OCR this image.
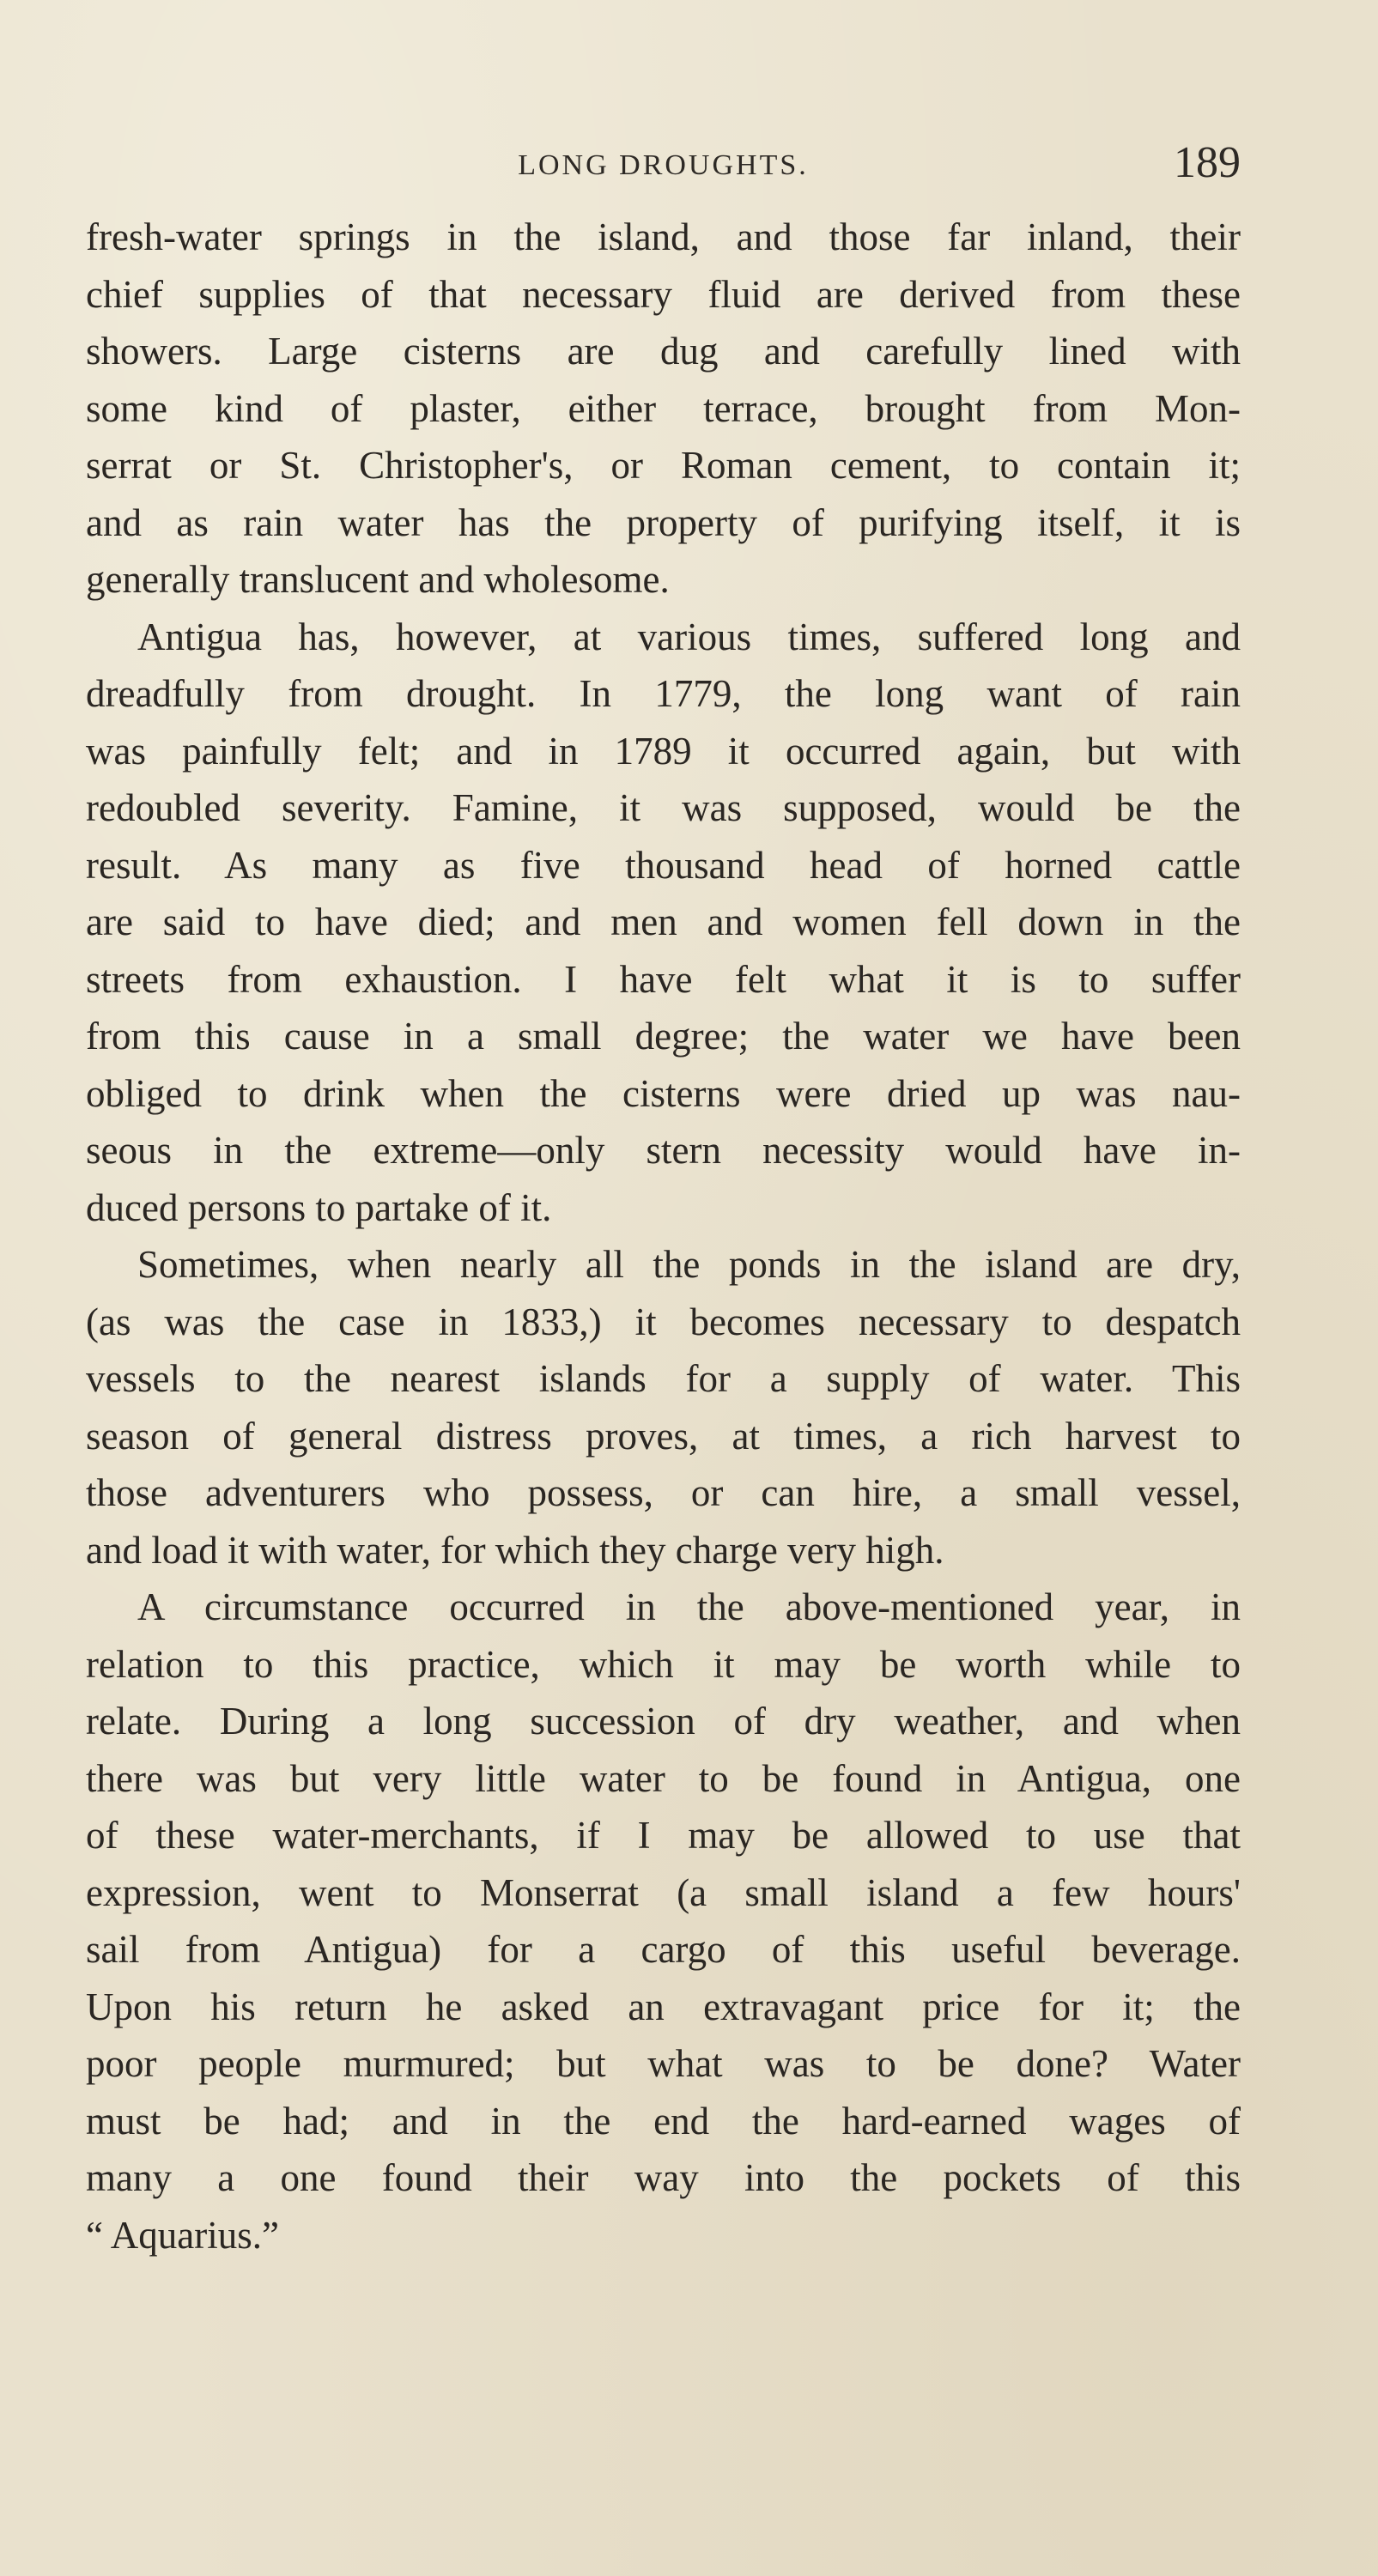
LONG DROUGHTS.	189
fresh-water springs in the island, and those far inland, their
chief supplies of that necessary fluid are derived from these
showers. Large cisterns are dug and carefully lined with
some kind of plaster, either terrace, brought from Mon-
serrat or St. Christopher's, or Roman cement, to contain it;
and as rain water has the property of purifying itself, it is
generally translucent and wholesome.
Antigua has, however, at various times, suffered long and
dreadfully from drought. In 1779, the long want of rain
was painfully felt; and in 1789 it occurred again, but with
redoubled severity. Famine, it was supposed, would be the
result. As many as five thousand head of horned cattle
are said to have died; and men and women fell down in the
streets from exhaustion. I have felt what it is to suffer
from this cause in a small degree; the water we have been
obliged to drink when the cisterns were dried up was nau-
seous in the extreme—only stern necessity would have in-
duced persons to partake of it.
Sometimes, when nearly all the ponds in the island are dry,
(as was the case in 1833,) it becomes necessary to despatch
vessels to the nearest islands for a supply of water. This
season of general distress proves, at times, a rich harvest to
those adventurers who possess, or can hire, a small vessel,
and load it with water, for which they charge very high.
A circumstance occurred in the above-mentioned year, in
relation to this practice, which it may be worth while to
relate. During a long succession of dry weather, and when
there was but very little water to be found in Antigua, one
of these water-merchants, if I may be allowed to use that
expression, went to Monserrat (a small island a few hours'
sail from Antigua) for a cargo of this useful beverage.
Upon his return he asked an extravagant price for it; the
poor people murmured; but what was to be done? Water
must be had; and in the end the hard-earned wages of
many a one found their way into the pockets of this
“ Aquarius.”
